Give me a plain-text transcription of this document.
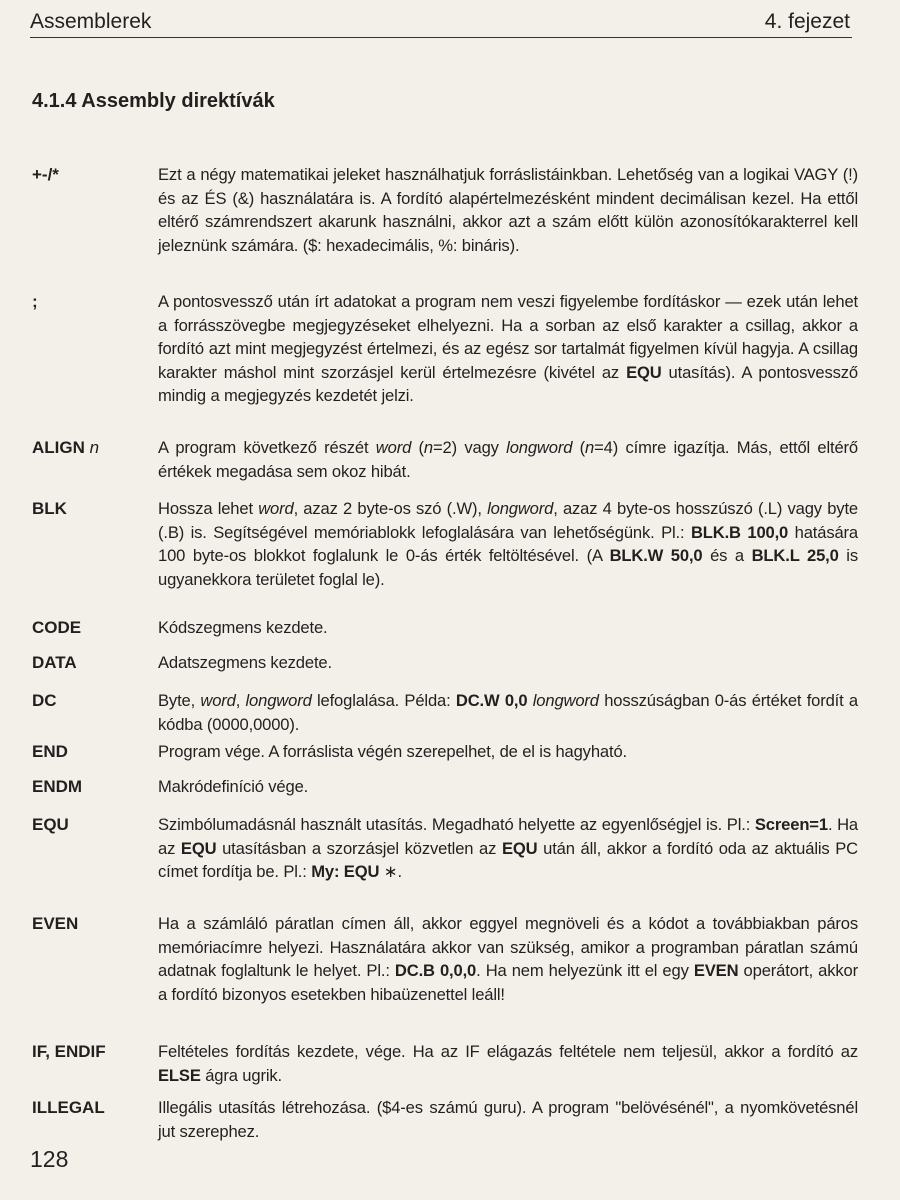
Assemblerek	4. fejezet
4.1.4 Assembly direktívák
+-/*	Ezt a négy matematikai jeleket használhatjuk forráslistáinkban. Lehetőség van a logikai VAGY (!) és az ÉS (&) használatára is. A fordító alapértelmezésként mindent decimálisan kezel. Ha ettől eltérő számrendszert akarunk használni, akkor azt a szám előtt külön azonosítókarakterrel kell jeleznünk számára. ($: hexadecimális, %: bináris).
;	A pontosvessző után írt adatokat a program nem veszi figyelembe fordításkor — ezek után lehet a forrásszövegbe megjegyzéseket elhelyezni. Ha a sorban az első karakter a csillag, akkor a fordító azt mint megjegyzést értelmezi, és az egész sor tartalmát figyelmen kívül hagyja. A csillag karakter máshol mint szorzásjel kerül értelmezésre (kivétel az EQU utasítás). A pontosvessző mindig a megjegyzés kezdetét jelzi.
ALIGN n	A program következő részét word (n=2) vagy longword (n=4) címre igazítja. Más, ettől eltérő értékek megadása sem okoz hibát.
BLK	Hossza lehet word, azaz 2 byte-os szó (.W), longword, azaz 4 byte-os hosszúszó (.L) vagy byte (.B) is. Segítségével memóriablokk lefoglalására van lehetőségünk. Pl.: BLK.B 100,0 hatására 100 byte-os blokkot foglalunk le 0-ás érték feltöltésével. (A BLK.W 50,0 és a BLK.L 25,0 is ugyanekkora területet foglal le).
CODE	Kódszegmens kezdete.
DATA	Adatszegmens kezdete.
DC	Byte, word, longword lefoglalása. Példa: DC.W 0,0 longword hosszúságban 0-ás értéket fordít a kódba (0000,0000).
END	Program vége. A forráslista végén szerepelhet, de el is hagyható.
ENDM	Makródefiníció vége.
EQU	Szimbólumadásnál használt utasítás. Megadható helyette az egyenlőségjel is. Pl.: Screen=1. Ha az EQU utasításban a szorzásjel közvetlen az EQU után áll, akkor a fordító oda az aktuális PC címet fordítja be. Pl.: My: EQU ∗.
EVEN	Ha a számláló páratlan címen áll, akkor eggyel megnöveli és a kódot a továbbiakban páros memóriacímre helyezi. Használatára akkor van szükség, amikor a programban páratlan számú adatnak foglaltunk le helyet. Pl.: DC.B 0,0,0. Ha nem helyezünk itt el egy EVEN operátort, akkor a fordító bizonyos esetekben hibaüzenettel leáll!
IF, ENDIF	Feltételes fordítás kezdete, vége. Ha az IF elágazás feltétele nem teljesül, akkor a fordító az ELSE ágra ugrik.
ILLEGAL	Illegális utasítás létrehozása. ($4-es számú guru). A program "belövésénél", a nyomkövetésnél jut szerephez.
128
